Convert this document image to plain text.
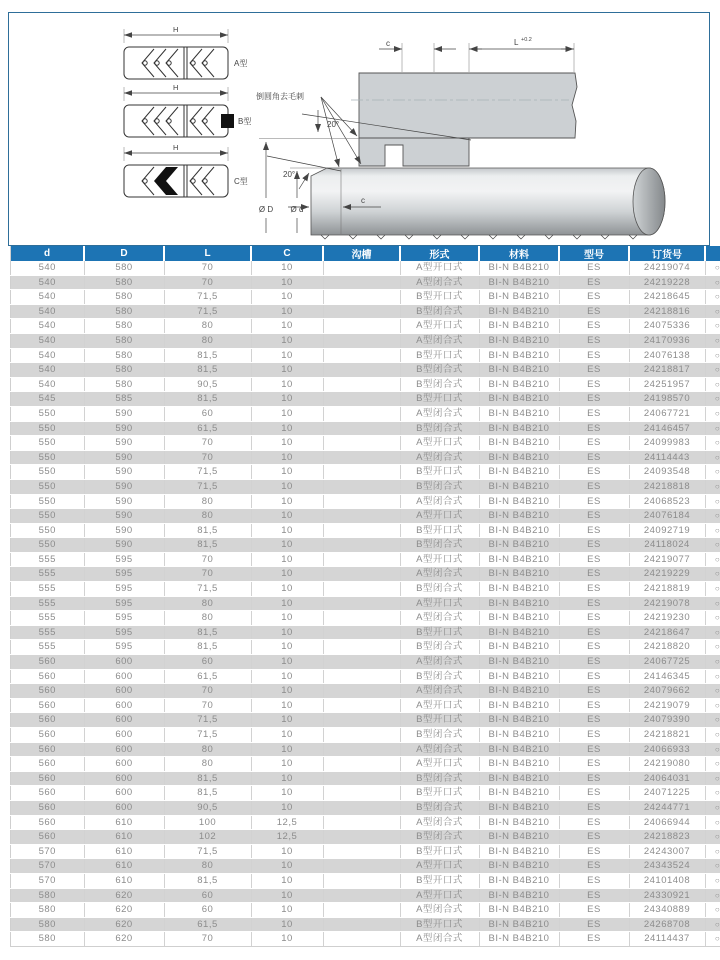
H
A型
H
B型
H
C型
c	L +0.2
倒圆角去毛刺
20°
20°
Ø D Ø d
c
d	D	L	C	沟槽	形式	材料	型号	订货号	
540	580	70	10		A型开口式	BI-N B4B210	ES	24219074	○
540	580	70	10		A型闭合式	BI-N B4B210	ES	24219228	○
540	580	71,5	10		B型开口式	BI-N B4B210	ES	24218645	○
540	580	71,5	10		B型闭合式	BI-N B4B210	ES	24218816	○
540	580	80	10		A型开口式	BI-N B4B210	ES	24075336	○
540	580	80	10		A型闭合式	BI-N B4B210	ES	24170936	○
540	580	81,5	10		B型开口式	BI-N B4B210	ES	24076138	○
540	580	81,5	10		B型闭合式	BI-N B4B210	ES	24218817	○
540	580	90,5	10		B型闭合式	BI-N B4B210	ES	24251957	○
545	585	81,5	10		B型开口式	BI-N B4B210	ES	24198570	○
550	590	60	10		A型闭合式	BI-N B4B210	ES	24067721	○
550	590	61,5	10		B型闭合式	BI-N B4B210	ES	24146457	○
550	590	70	10		A型开口式	BI-N B4B210	ES	24099983	○
550	590	70	10		A型闭合式	BI-N B4B210	ES	24114443	○
550	590	71,5	10		B型开口式	BI-N B4B210	ES	24093548	○
550	590	71,5	10		B型闭合式	BI-N B4B210	ES	24218818	○
550	590	80	10		A型闭合式	BI-N B4B210	ES	24068523	○
550	590	80	10		A型开口式	BI-N B4B210	ES	24076184	○
550	590	81,5	10		B型开口式	BI-N B4B210	ES	24092719	○
550	590	81,5	10		B型闭合式	BI-N B4B210	ES	24118024	○
555	595	70	10		A型开口式	BI-N B4B210	ES	24219077	○
555	595	70	10		A型闭合式	BI-N B4B210	ES	24219229	○
555	595	71,5	10		B型闭合式	BI-N B4B210	ES	24218819	○
555	595	80	10		A型开口式	BI-N B4B210	ES	24219078	○
555	595	80	10		A型闭合式	BI-N B4B210	ES	24219230	○
555	595	81,5	10		B型开口式	BI-N B4B210	ES	24218647	○
555	595	81,5	10		B型闭合式	BI-N B4B210	ES	24218820	○
560	600	60	10		A型闭合式	BI-N B4B210	ES	24067725	○
560	600	61,5	10		B型闭合式	BI-N B4B210	ES	24146345	○
560	600	70	10		A型闭合式	BI-N B4B210	ES	24079662	○
560	600	70	10		A型开口式	BI-N B4B210	ES	24219079	○
560	600	71,5	10		B型开口式	BI-N B4B210	ES	24079390	○
560	600	71,5	10		B型闭合式	BI-N B4B210	ES	24218821	○
560	600	80	10		A型闭合式	BI-N B4B210	ES	24066933	○
560	600	80	10		A型开口式	BI-N B4B210	ES	24219080	○
560	600	81,5	10		B型闭合式	BI-N B4B210	ES	24064031	○
560	600	81,5	10		B型开口式	BI-N B4B210	ES	24071225	○
560	600	90,5	10		B型闭合式	BI-N B4B210	ES	24244771	○
560	610	100	12,5		A型闭合式	BI-N B4B210	ES	24066944	○
560	610	102	12,5		B型闭合式	BI-N B4B210	ES	24218823	○
570	610	71,5	10		B型开口式	BI-N B4B210	ES	24243007	○
570	610	80	10		A型开口式	BI-N B4B210	ES	24343524	○
570	610	81,5	10		B型开口式	BI-N B4B210	ES	24101408	○
580	620	60	10		A型开口式	BI-N B4B210	ES	24330921	○
580	620	60	10		A型闭合式	BI-N B4B210	ES	24340889	○
580	620	61,5	10		B型开口式	BI-N B4B210	ES	24268708	○
580	620	70	10		A型闭合式	BI-N B4B210	ES	24114437	○
